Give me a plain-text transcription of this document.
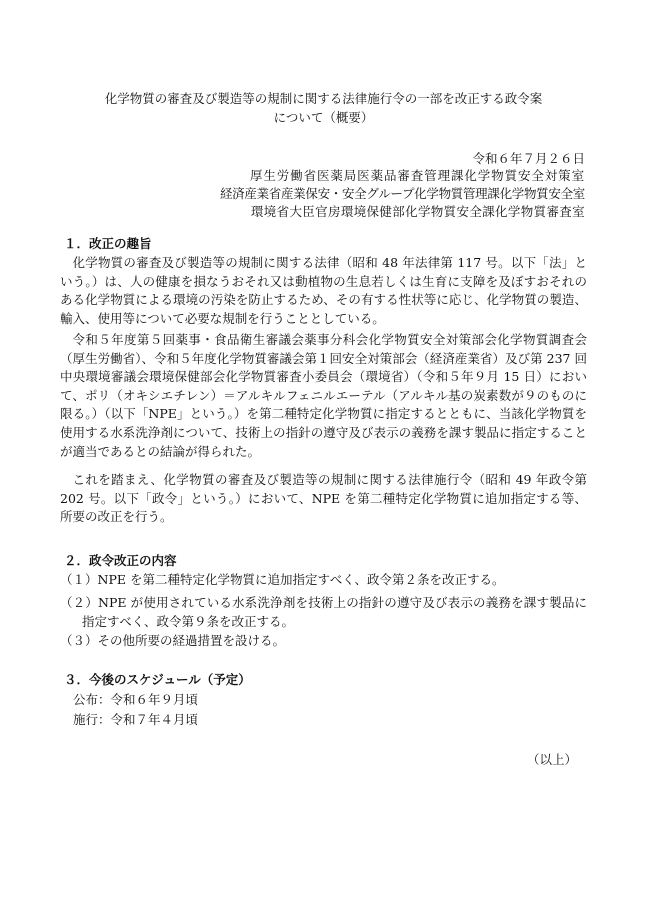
化学物質の審査及び製造等の規制に関する法律施行令の一部を改正する政令案
について（概要）
令和６年７月２６日
厚生労働省医薬局医薬品審査管理課化学物質安全対策室
経済産業省産業保安・安全グループ化学物質管理課化学物質安全室
環境省大臣官房環境保健部化学物質安全課化学物質審査室
１．改正の趣旨
化学物質の審査及び製造等の規制に関する法律（昭和 48 年法律第 117 号。以下「法」という。）は、人の健康を損なうおそれ又は動植物の生息若しくは生育に支障を及ぼすおそれのある化学物質による環境の汚染を防止するため、その有する性状等に応じ、化学物質の製造、輸入、使用等について必要な規制を行うこととしている。
令和５年度第５回薬事・食品衛生審議会薬事分科会化学物質安全対策部会化学物質調査会（厚生労働省）、令和５年度化学物質審議会第１回安全対策部会（経済産業省）及び第 237 回中央環境審議会環境保健部会化学物質審査小委員会（環境省）（令和５年９月 15 日）において、ポリ（オキシエチレン）＝アルキルフェニルエーテル（アルキル基の炭素数が９のものに限る。）（以下「NPE」という。）を第二種特定化学物質に指定するとともに、当該化学物質を使用する水系洗浄剤について、技術上の指針の遵守及び表示の義務を課す製品に指定することが適当であるとの結論が得られた。
これを踏まえ、化学物質の審査及び製造等の規制に関する法律施行令（昭和 49 年政令第 202 号。以下「政令」という。）において、NPE を第二種特定化学物質に追加指定する等、所要の改正を行う。
２．政令改正の内容
（１）NPE を第二種特定化学物質に追加指定すべく、政令第２条を改正する。
（２）NPE が使用されている水系洗浄剤を技術上の指針の遵守及び表示の義務を課す製品に指定すべく、政令第９条を改正する。
（３）その他所要の経過措置を設ける。
３．今後のスケジュール（予定）
公布：令和６年９月頃
施行：令和７年４月頃
（以上）
